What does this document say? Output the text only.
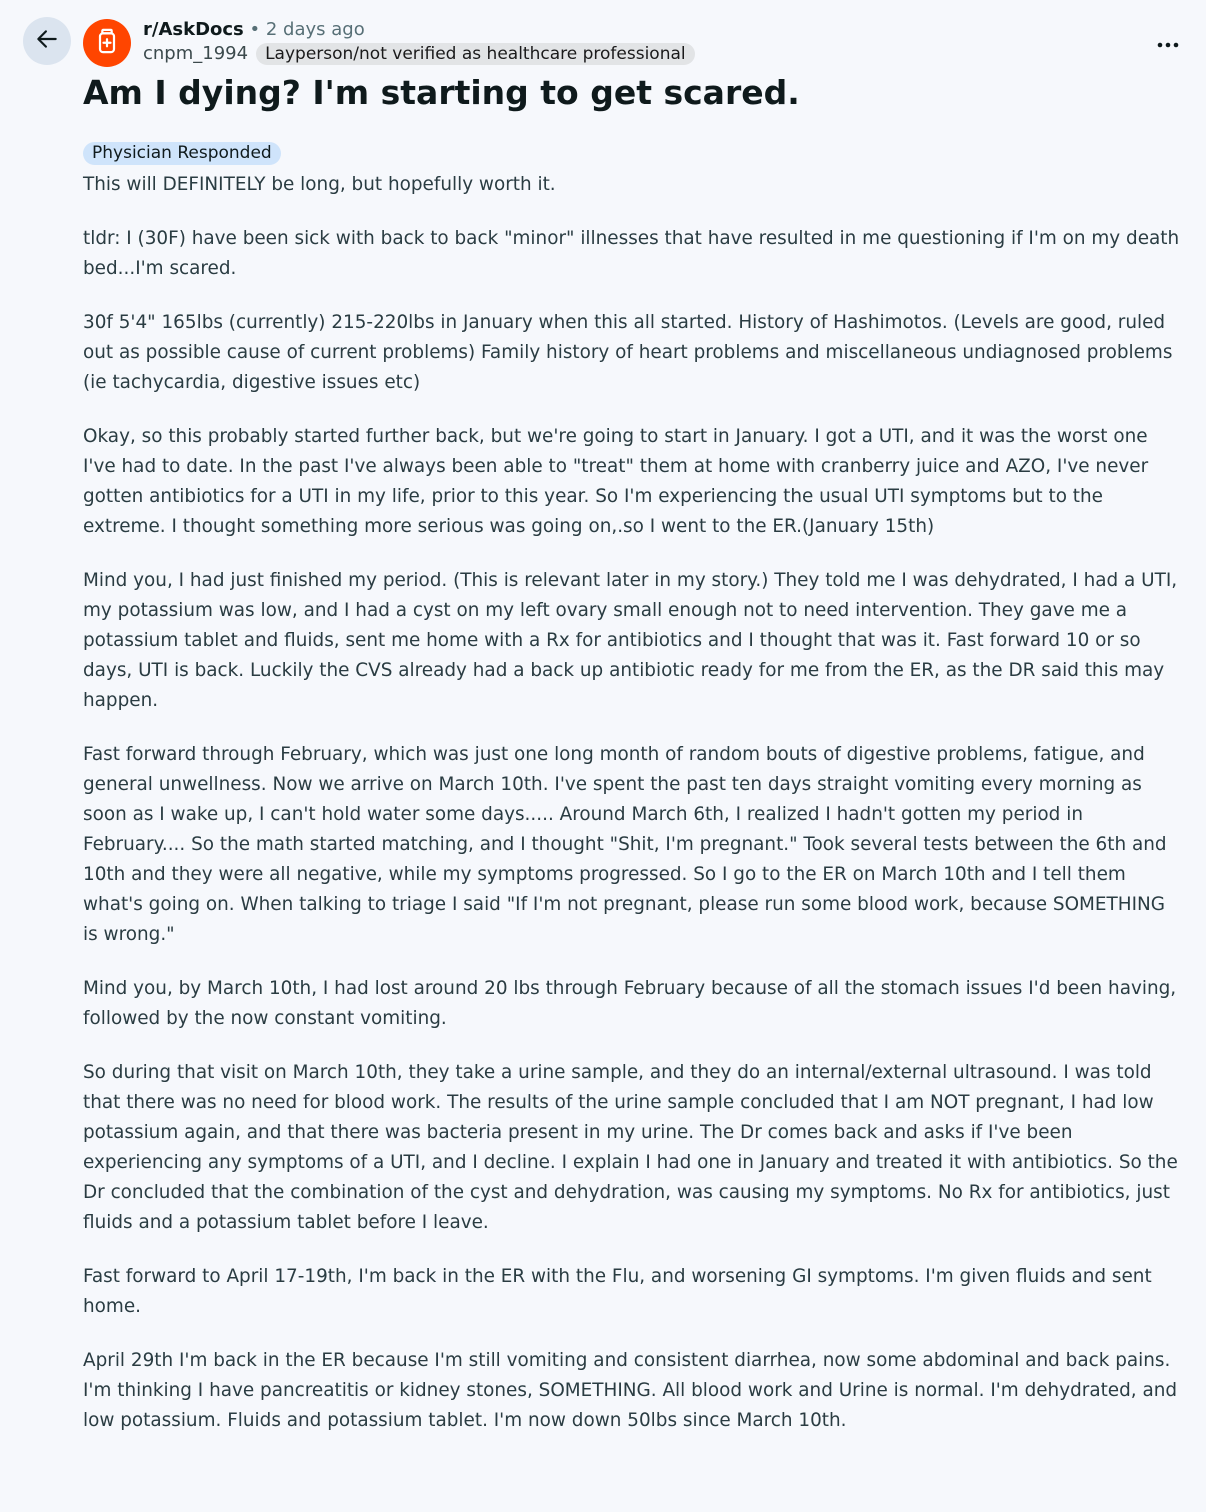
r/AskDocs • 2 days ago
cnpm_1994	Layperson/not verified as healthcare professional
Am I dying? I'm starting to get scared.
Physician Responded

This will DEFINITELY be long, but hopefully worth it.

tldr: I (30F) have been sick with back to back "minor" illnesses that have resulted in me questioning if I'm on my death bed...I'm scared.

30f 5'4" 165lbs (currently) 215-220lbs in January when this all started. History of Hashimotos. (Levels are good, ruled out as possible cause of current problems) Family history of heart problems and miscellaneous undiagnosed problems (ie tachycardia, digestive issues etc)

Okay, so this probably started further back, but we're going to start in January. I got a UTI, and it was the worst one I've had to date. In the past I've always been able to "treat" them at home with cranberry juice and AZO, I've never gotten antibiotics for a UTI in my life, prior to this year. So I'm experiencing the usual UTI symptoms but to the extreme. I thought something more serious was going on,.so I went to the ER.(January 15th)

Mind you, I had just finished my period. (This is relevant later in my story.) They told me I was dehydrated, I had a UTI, my potassium was low, and I had a cyst on my left ovary small enough not to need intervention. They gave me a potassium tablet and fluids, sent me home with a Rx for antibiotics and I thought that was it. Fast forward 10 or so days, UTI is back. Luckily the CVS already had a back up antibiotic ready for me from the ER, as the DR said this may happen.

Fast forward through February, which was just one long month of random bouts of digestive problems, fatigue, and general unwellness. Now we arrive on March 10th. I've spent the past ten days straight vomiting every morning as soon as I wake up, I can't hold water some days..... Around March 6th, I realized I hadn't gotten my period in February.... So the math started matching, and I thought "Shit, I'm pregnant." Took several tests between the 6th and 10th and they were all negative, while my symptoms progressed. So I go to the ER on March 10th and I tell them what's going on. When talking to triage I said "If I'm not pregnant, please run some blood work, because SOMETHING is wrong."

Mind you, by March 10th, I had lost around 20 lbs through February because of all the stomach issues I'd been having, followed by the now constant vomiting.

So during that visit on March 10th, they take a urine sample, and they do an internal/external ultrasound. I was told that there was no need for blood work. The results of the urine sample concluded that I am NOT pregnant, I had low potassium again, and that there was bacteria present in my urine. The Dr comes back and asks if I've been experiencing any symptoms of a UTI, and I decline. I explain I had one in January and treated it with antibiotics. So the Dr concluded that the combination of the cyst and dehydration, was causing my symptoms. No Rx for antibiotics, just fluids and a potassium tablet before I leave.

Fast forward to April 17-19th, I'm back in the ER with the Flu, and worsening GI symptoms. I'm given fluids and sent home.

April 29th I'm back in the ER because I'm still vomiting and consistent diarrhea, now some abdominal and back pains. I'm thinking I have pancreatitis or kidney stones, SOMETHING. All blood work and Urine is normal. I'm dehydrated, and low potassium. Fluids and potassium tablet. I'm now down 50lbs since March 10th.
